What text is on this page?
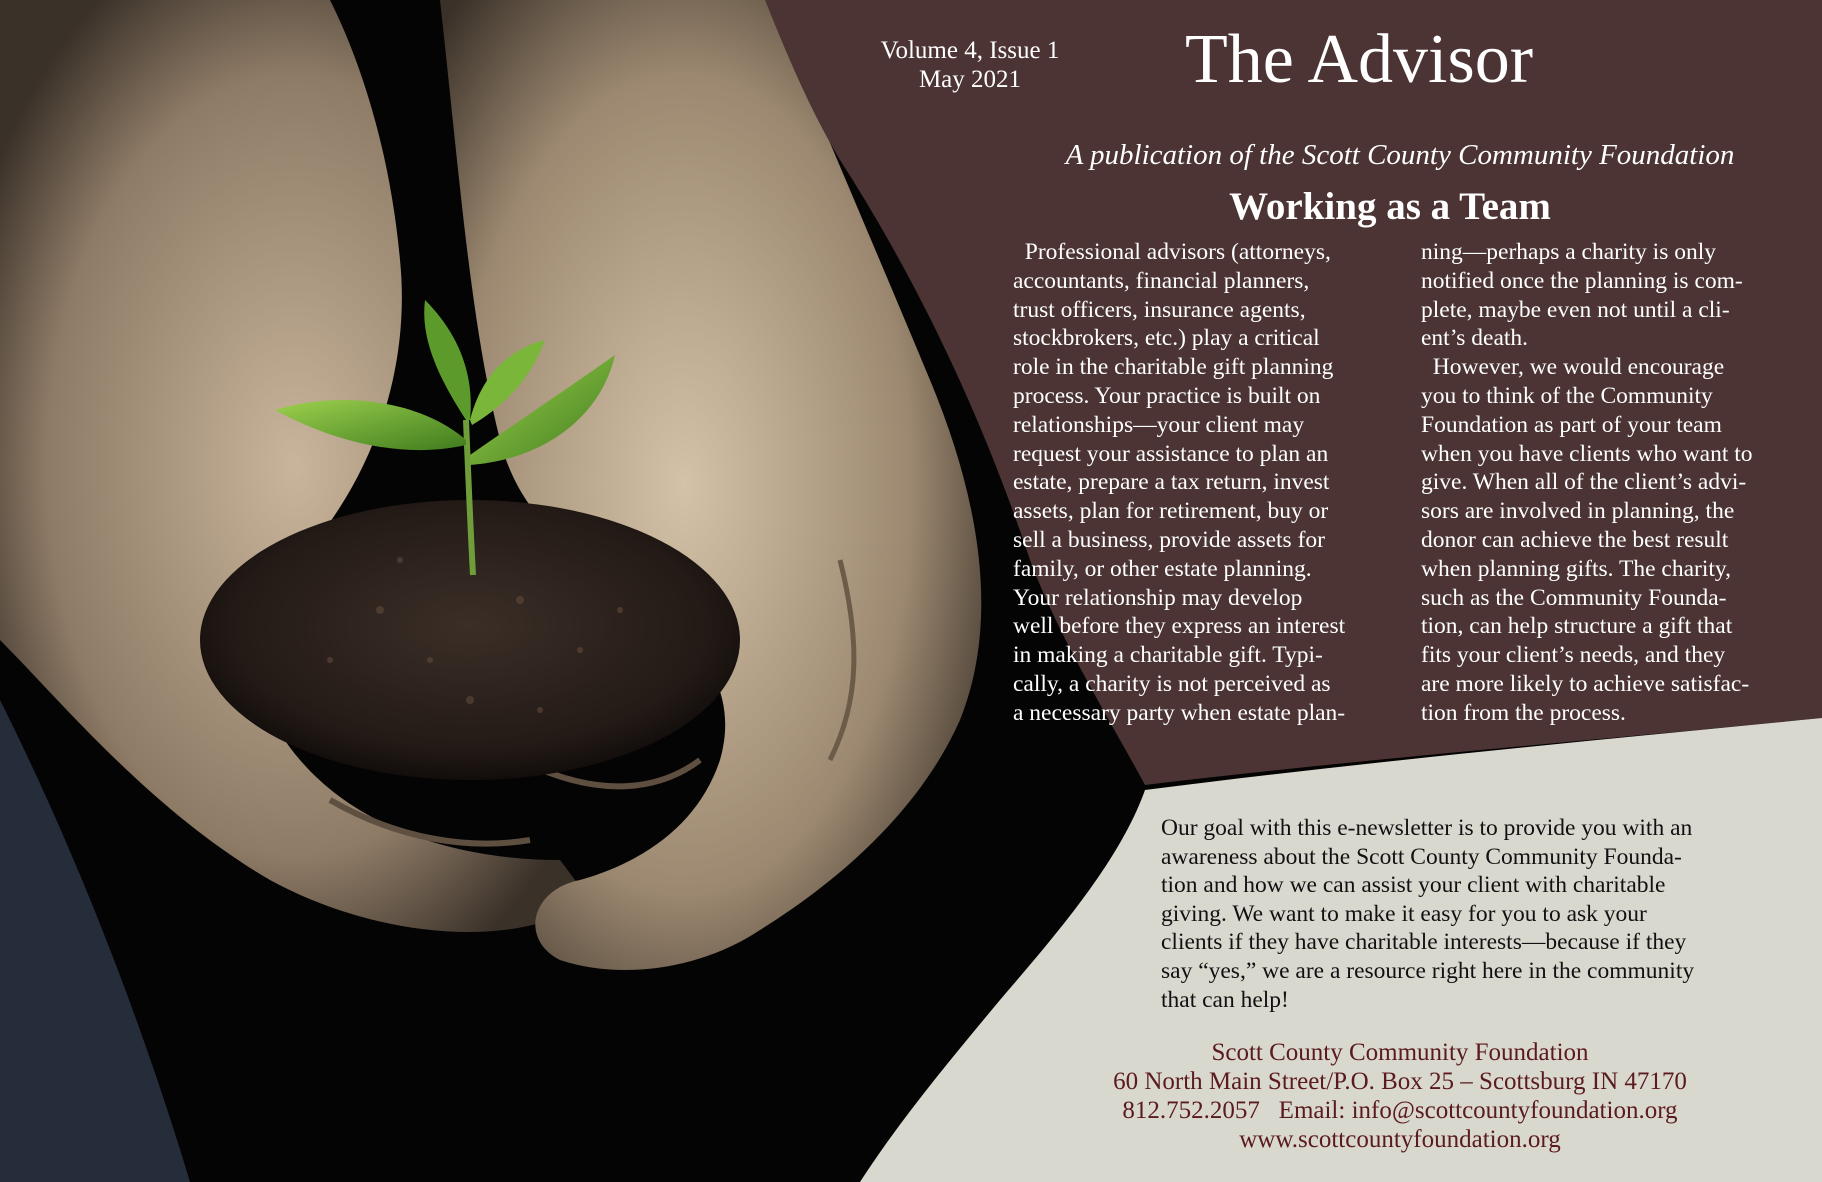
Volume 4, Issue 1
May 2021	The Advisor
A publication of the Scott County Community Foundation
Working as a Team
Professional advisors (attorneys,
accountants, financial planners,
trust officers, insurance agents,
stockbrokers, etc.) play a critical
role in the charitable gift planning
process. Your practice is built on
relationships—your client may
request your assistance to plan an
estate, prepare a tax return, invest
assets, plan for retirement, buy or
sell a business, provide assets for
family, or other estate planning.
Your relationship may develop
well before they express an interest
in making a charitable gift. Typi-
cally, a charity is not perceived as
a necessary party when estate plan-
ning—perhaps a charity is only
notified once the planning is com-
plete, maybe even not until a cli-
ent’s death.
However, we would encourage
you to think of the Community
Foundation as part of your team
when you have clients who want to
give. When all of the client’s advi-
sors are involved in planning, the
donor can achieve the best result
when planning gifts. The charity,
such as the Community Founda-
tion, can help structure a gift that
fits your client’s needs, and they
are more likely to achieve satisfac-
tion from the process.
Our goal with this e-newsletter is to provide you with an
awareness about the Scott County Community Founda-
tion and how we can assist your client with charitable
giving. We want to make it easy for you to ask your
clients if they have charitable interests—because if they
say “yes,” we are a resource right here in the community
that can help!
Scott County Community Foundation
60 North Main Street/P.O. Box 25 – Scottsburg IN 47170
812.752.2057   Email: info@scottcountyfoundation.org
www.scottcountyfoundation.org
